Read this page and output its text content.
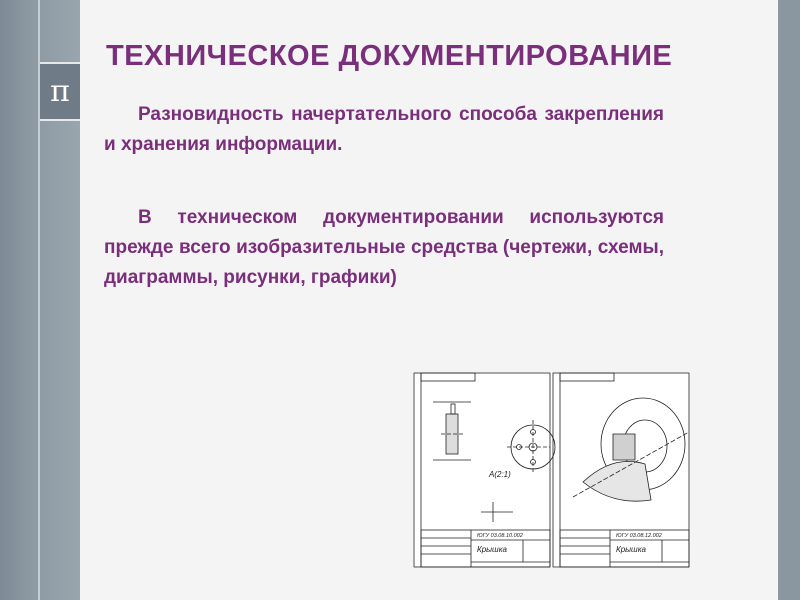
π
ТЕХНИЧЕСКОЕ ДОКУМЕНТИРОВАНИЕ

Разновидность начертательного способа закрепления и хранения информации.

В техническом документировании используются прежде всего изобразительные средства (чертежи, схемы, диаграммы, рисунки, графики)

А(2:1)
ЮГУ 03.08.10.002
Крышка
ЮГУ 03.08.12.002
Крышка
